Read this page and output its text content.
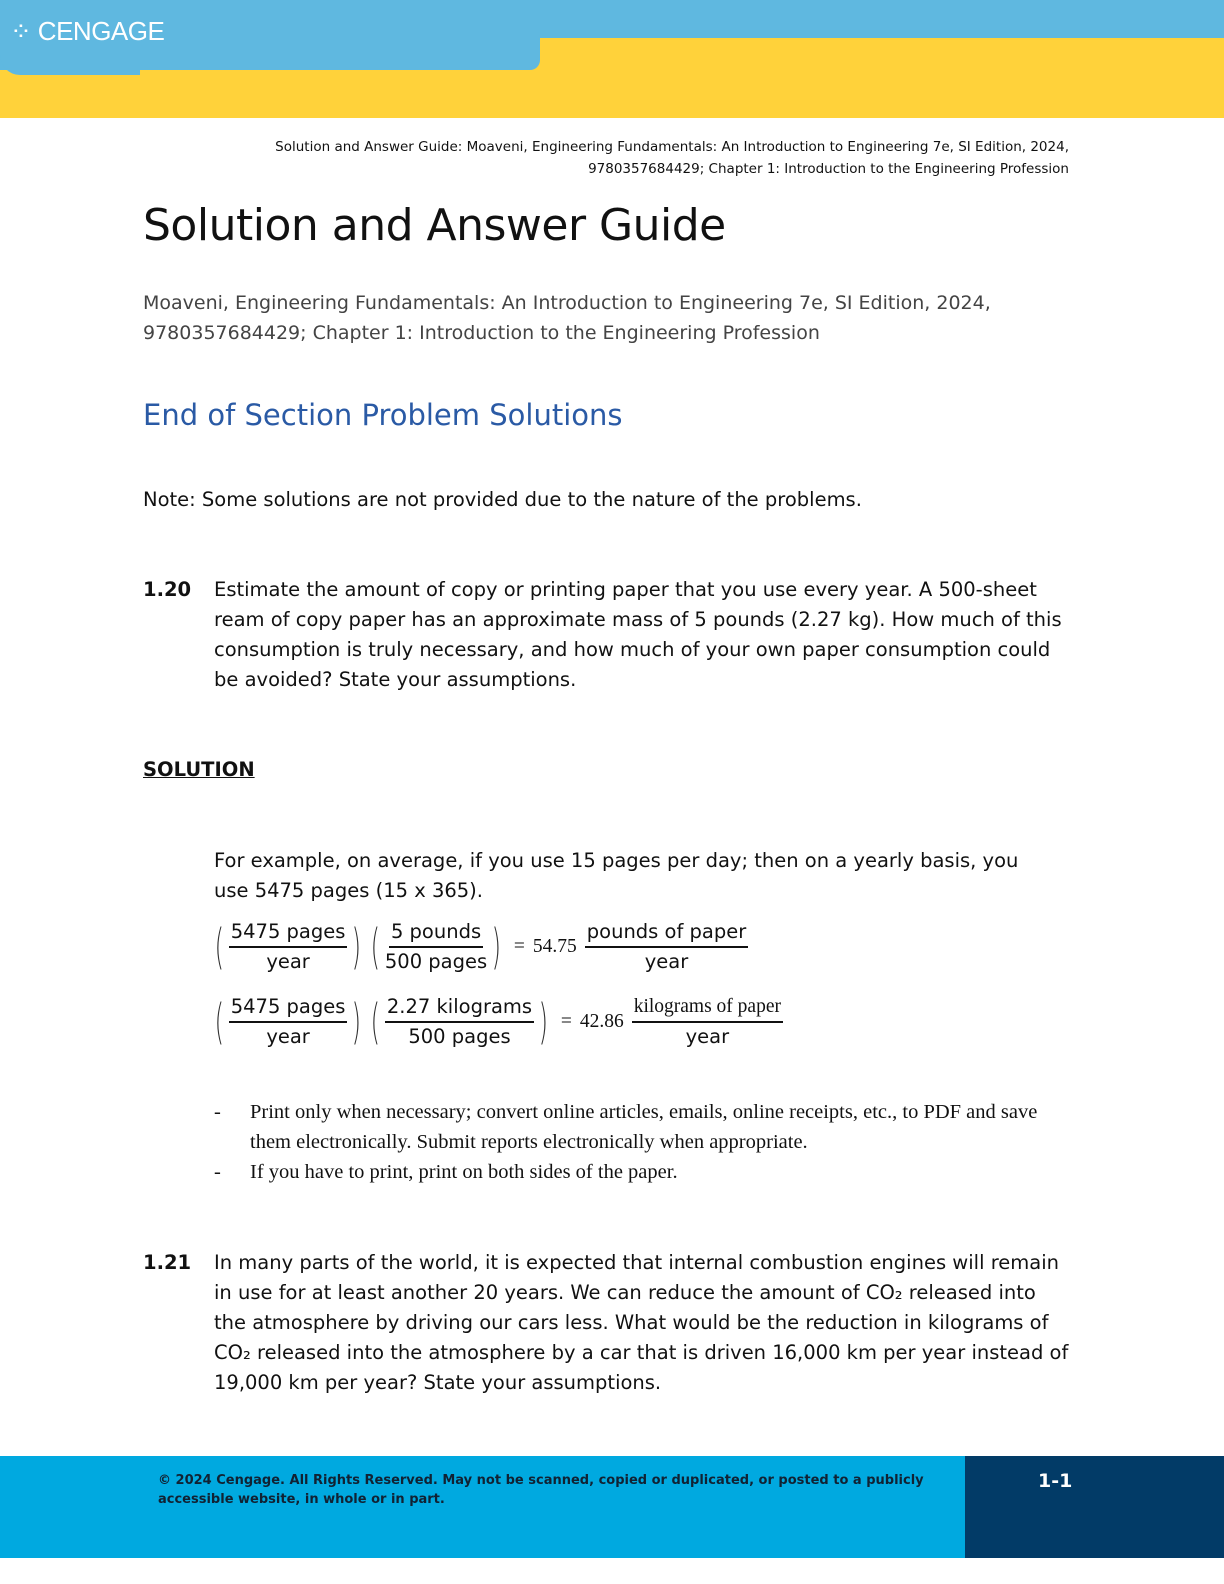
⁘ CENGAGE
Solution and Answer Guide: Moaveni, Engineering Fundamentals: An Introduction to Engineering 7e, SI Edition, 2024,
9780357684429; Chapter 1: Introduction to the Engineering Profession
Solution and Answer Guide
Moaveni, Engineering Fundamentals: An Introduction to Engineering 7e, SI Edition, 2024,
9780357684429; Chapter 1: Introduction to the Engineering Profession
End of Section Problem Solutions
Note: Some solutions are not provided due to the nature of the problems.
1.20 Estimate the amount of copy or printing paper that you use every year. A 500-sheet ream of copy paper has an approximate mass of 5 pounds (2.27 kg). How much of this consumption is truly necessary, and how much of your own paper consumption could be avoided? State your assumptions.
SOLUTION
For example, on average, if you use 15 pages per day; then on a yearly basis, you use 5475 pages (15 x 365).
( $\frac{\text{5475 pages}}{\text{year}}$ ) ( $\frac{\text{5 pounds}}{\text{500 pages}}$ ) = $54.75 \frac{\text{pounds of paper}}{\text{year}}$
( $\frac{\text{5475 pages}}{\text{year}}$ ) ( $\frac{\text{2.27 kilograms}}{\text{500 pages}}$ ) = $42.86 \frac{\text{kilograms of paper}}{\text{year}}$
-	Print only when necessary; convert online articles, emails, online receipts, etc., to PDF and save them electronically. Submit reports electronically when appropriate.
-	If you have to print, print on both sides of the paper.
1.21 In many parts of the world, it is expected that internal combustion engines will remain in use for at least another 20 years. We can reduce the amount of CO₂ released into the atmosphere by driving our cars less. What would be the reduction in kilograms of CO₂ released into the atmosphere by a car that is driven 16,000 km per year instead of 19,000 km per year? State your assumptions.
© 2024 Cengage. All Rights Reserved. May not be scanned, copied or duplicated, or posted to a publicly accessible website, in whole or in part.
1-1
